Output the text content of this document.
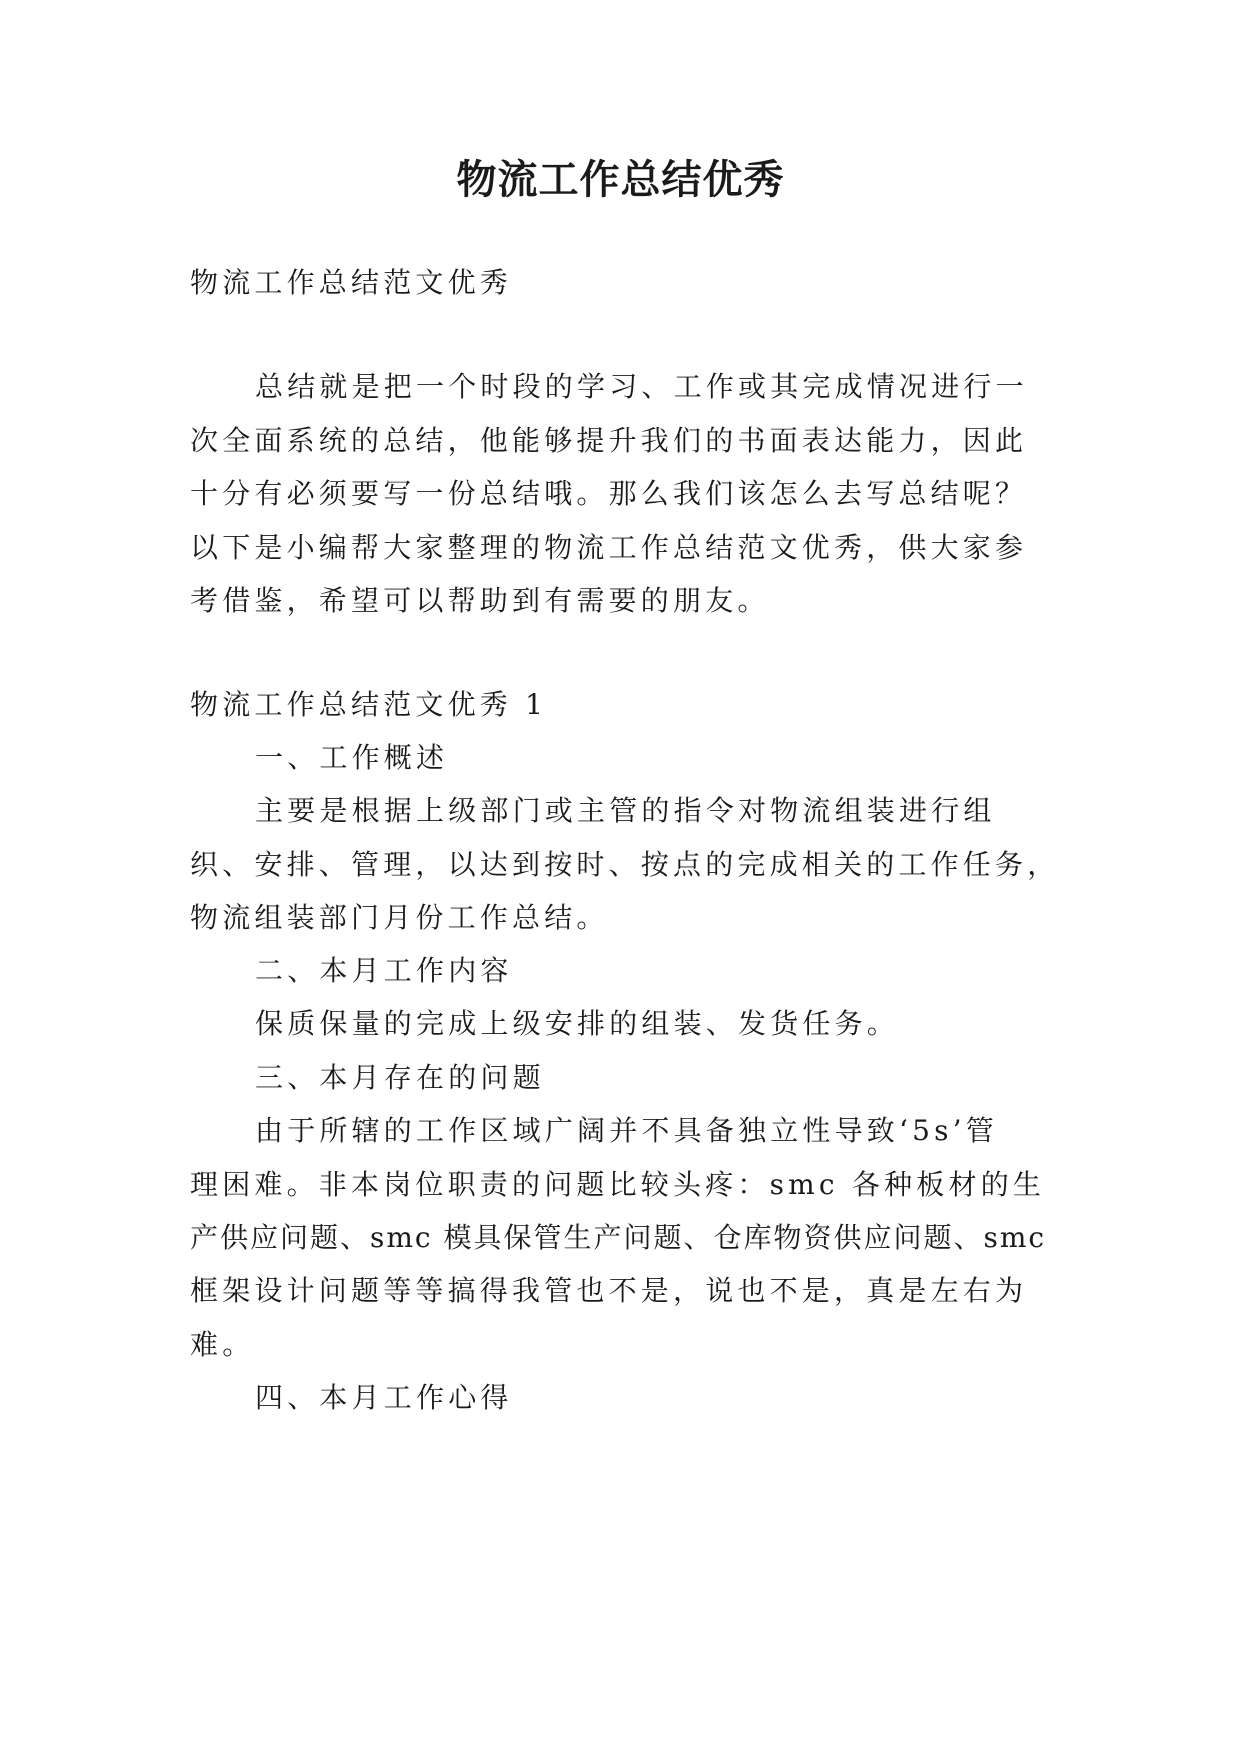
物流工作总结优秀
物流工作总结范文优秀
总结就是把一个时段的学习、工作或其完成情况进行一
次全面系统的总结，他能够提升我们的书面表达能力，因此
十分有必须要写一份总结哦。那么我们该怎么去写总结呢？
以下是小编帮大家整理的物流工作总结范文优秀，供大家参
考借鉴，希望可以帮助到有需要的朋友。
物流工作总结范文优秀 1
一、工作概述
主要是根据上级部门或主管的指令对物流组装进行组
织、安排、管理，以达到按时、按点的完成相关的工作任务，
物流组装部门月份工作总结。
二、本月工作内容
保质保量的完成上级安排的组装、发货任务。
三、本月存在的问题
由于所辖的工作区域广阔并不具备独立性导致‘5s’管
理困难。非本岗位职责的问题比较头疼：smc 各种板材的生
产供应问题、smc 模具保管生产问题、仓库物资供应问题、smc
框架设计问题等等搞得我管也不是，说也不是，真是左右为
难。
四、本月工作心得
